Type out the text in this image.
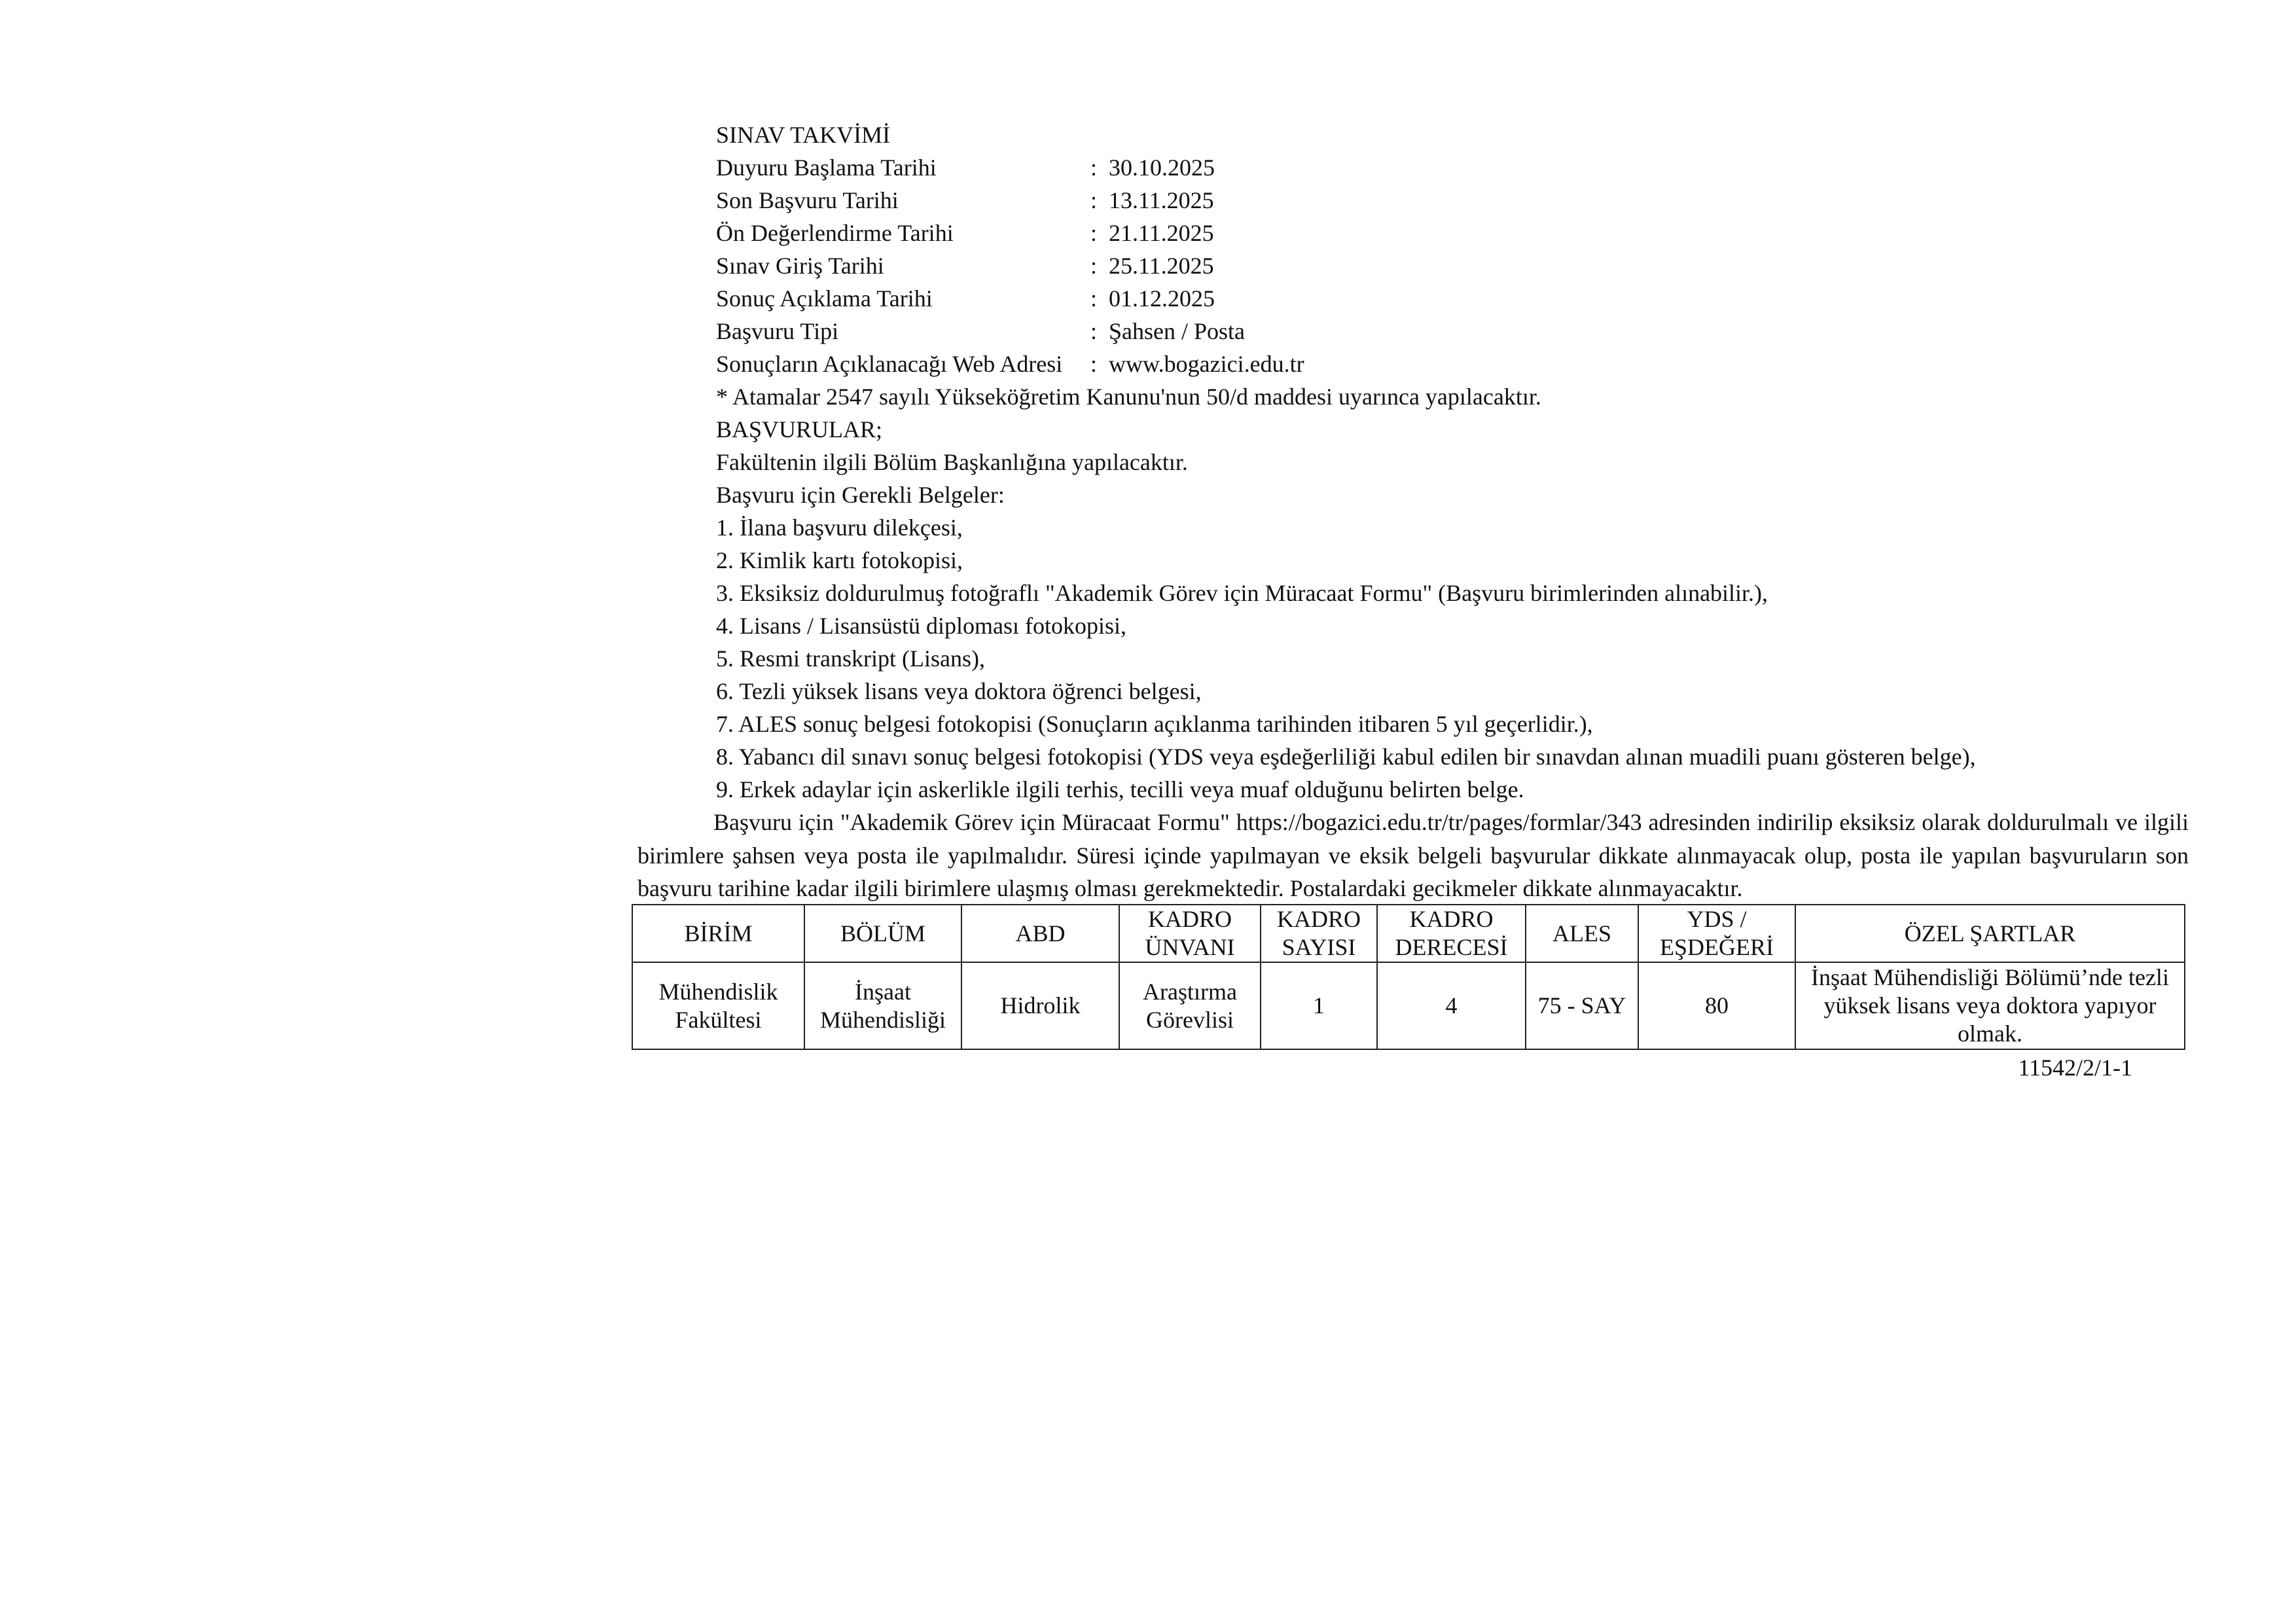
SINAV TAKVİMİ
Duyuru Başlama Tarihi	: 30.10.2025
Son Başvuru Tarihi	: 13.11.2025
Ön Değerlendirme Tarihi	: 21.11.2025
Sınav Giriş Tarihi	: 25.11.2025
Sonuç Açıklama Tarihi	: 01.12.2025
Başvuru Tipi	: Şahsen / Posta
Sonuçların Açıklanacağı Web Adresi : www.bogazici.edu.tr
* Atamalar 2547 sayılı Yükseköğretim Kanunu'nun 50/d maddesi uyarınca yapılacaktır.
BAŞVURULAR;
Fakültenin ilgili Bölüm Başkanlığına yapılacaktır.
Başvuru için Gerekli Belgeler:
1. İlana başvuru dilekçesi,
2. Kimlik kartı fotokopisi,
3. Eksiksiz doldurulmuş fotoğraflı "Akademik Görev için Müracaat Formu" (Başvuru birimlerinden alınabilir.),
4. Lisans / Lisansüstü diploması fotokopisi,
5. Resmi transkript (Lisans),
6. Tezli yüksek lisans veya doktora öğrenci belgesi,
7. ALES sonuç belgesi fotokopisi (Sonuçların açıklanma tarihinden itibaren 5 yıl geçerlidir.),
8. Yabancı dil sınavı sonuç belgesi fotokopisi (YDS veya eşdeğerliliği kabul edilen bir sınavdan alınan muadili puanı gösteren belge),
9. Erkek adaylar için askerlikle ilgili terhis, tecilli veya muaf olduğunu belirten belge.
Başvuru için "Akademik Görev için Müracaat Formu" https://bogazici.edu.tr/tr/pages/formlar/343 adresinden indirilip eksiksiz olarak doldurulmalı ve ilgili birimlere şahsen veya posta ile yapılmalıdır. Süresi içinde yapılmayan ve eksik belgeli başvurular dikkate alınmayacak olup, posta ile yapılan başvuruların son başvuru tarihine kadar ilgili birimlere ulaşmış olması gerekmektedir. Postalardaki gecikmeler dikkate alınmayacaktır.
BİRİM	BÖLÜM	ABD	KADRO ÜNVANI	KADRO SAYISI	KADRO DERECESİ	ALES	YDS / EŞDEĞERİ	ÖZEL ŞARTLAR
Mühendislik Fakültesi	İnşaat Mühendisliği	Hidrolik	Araştırma Görevlisi	1	4	75 - SAY	80	İnşaat Mühendisliği Bölümü’nde tezli yüksek lisans veya doktora yapıyor olmak.
11542/2/1-1
